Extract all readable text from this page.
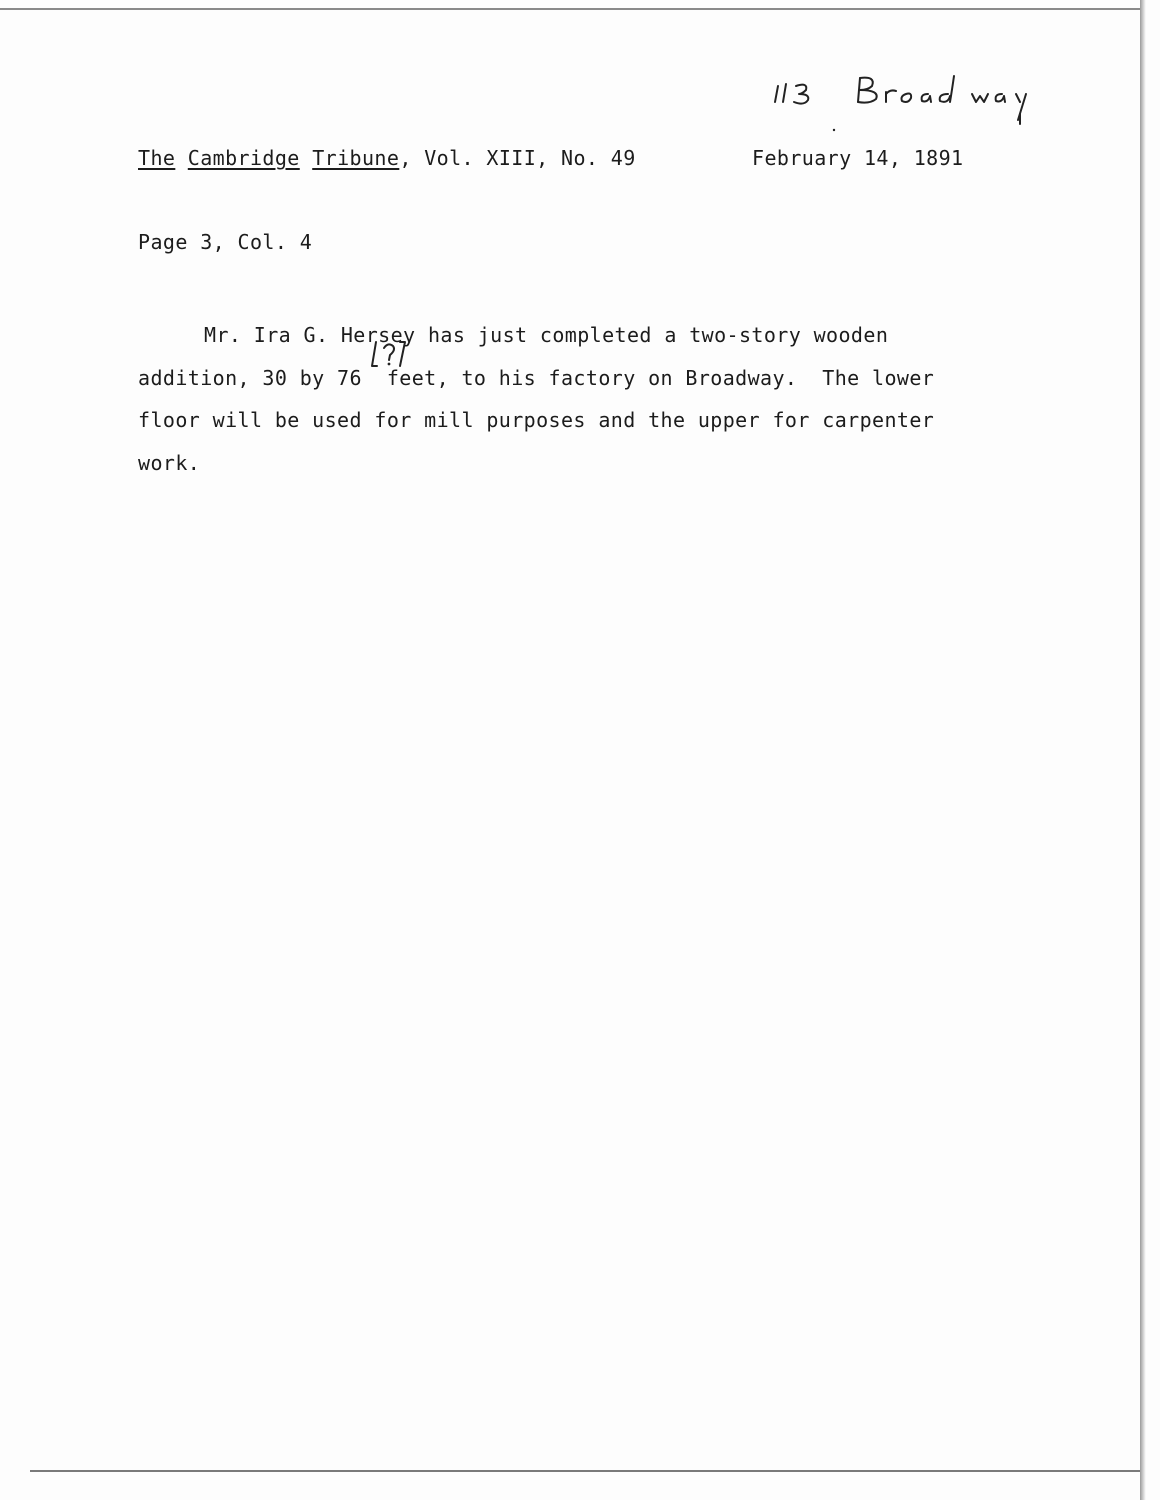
The Cambridge Tribune, Vol. XIII, No. 49	February 14, 1891
Page 3, Col. 4
Mr. Ira G. Hersey has just completed a two-story wooden
addition, 30 by 76  feet, to his factory on Broadway.  The lower
floor will be used for mill purposes and the upper for carpenter
work.
